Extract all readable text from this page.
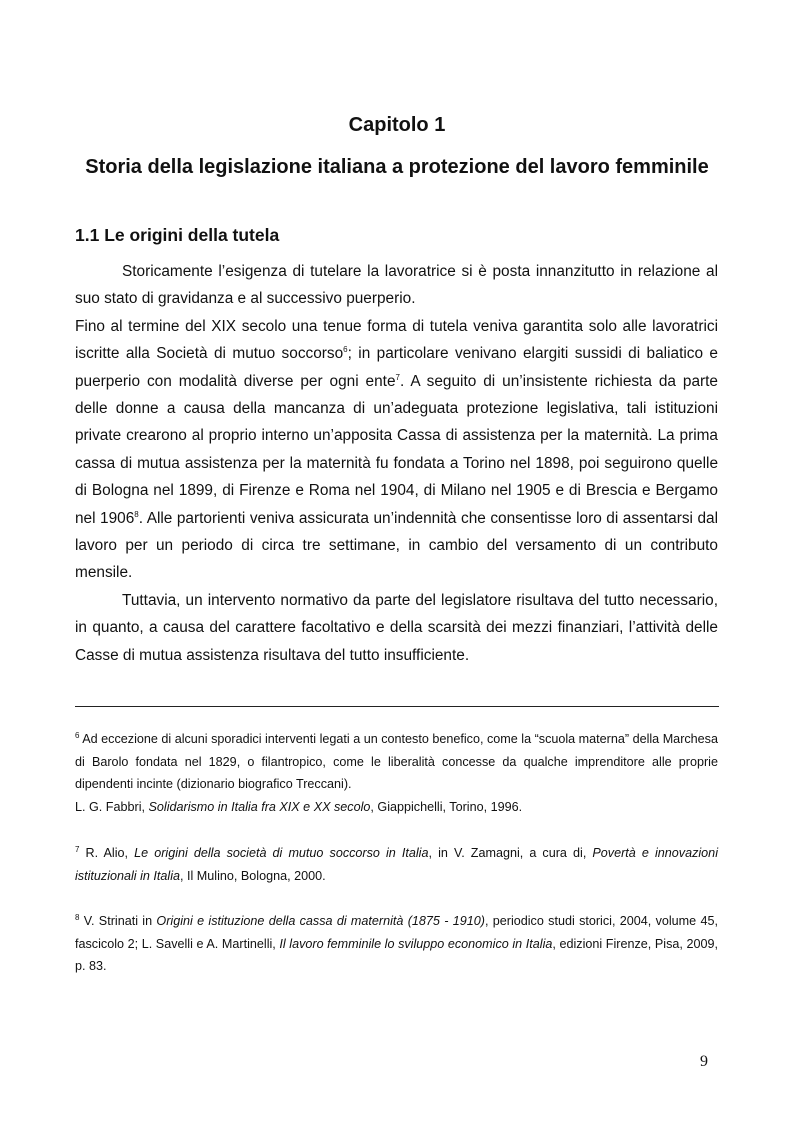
Capitolo 1
Storia della legislazione italiana a protezione del lavoro femminile
1.1 Le origini della tutela

Storicamente l’esigenza di tutelare la lavoratrice si è posta innanzitutto in relazione al suo stato di gravidanza e al successivo puerperio.

Fino al termine del XIX secolo una tenue forma di tutela veniva garantita solo alle lavoratrici iscritte alla Società di mutuo soccorso$^6$; in particolare venivano elargiti sussidi di baliatico e puerperio con modalità diverse per ogni ente$^7$. A seguito di un’insistente richiesta da parte delle donne a causa della mancanza di un’adeguata protezione legislativa, tali istituzioni private crearono al proprio interno un’apposita Cassa di assistenza per la maternità. La prima cassa di mutua assistenza per la maternità fu fondata a Torino nel 1898, poi seguirono quelle di Bologna nel 1899, di Firenze e Roma nel 1904, di Milano nel 1905 e di Brescia e Bergamo nel 1906$^8$. Alle partorienti veniva assicurata un’indennità che consentisse loro di assentarsi dal lavoro per un periodo di circa tre settimane, in cambio del versamento di un contributo mensile.

Tuttavia, un intervento normativo da parte del legislatore risultava del tutto necessario, in quanto, a causa del carattere facoltativo e della scarsità dei mezzi finanziari, l’attività delle Casse di mutua assistenza risultava del tutto insufficiente.

$^6$ Ad eccezione di alcuni sporadici interventi legati a un contesto benefico, come la “scuola materna” della Marchesa di Barolo fondata nel 1829, o filantropico, come le liberalità concesse da qualche imprenditore alle proprie dipendenti incinte (dizionario biografico Treccani).

L. G. Fabbri, Solidarismo in Italia fra XIX e XX secolo, Giappichelli, Torino, 1996.

$^7$ R. Alio, Le origini della società di mutuo soccorso in Italia, in V. Zamagni, a cura di, Povertà e innovazioni istituzionali in Italia, Il Mulino, Bologna, 2000.

$^8$ V. Strinati in Origini e istituzione della cassa di maternità (1875 - 1910), periodico studi storici, 2004, volume 45, fascicolo 2; L. Savelli e A. Martinelli, Il lavoro femminile lo sviluppo economico in Italia, edizioni Firenze, Pisa, 2009, p. 83.

9
